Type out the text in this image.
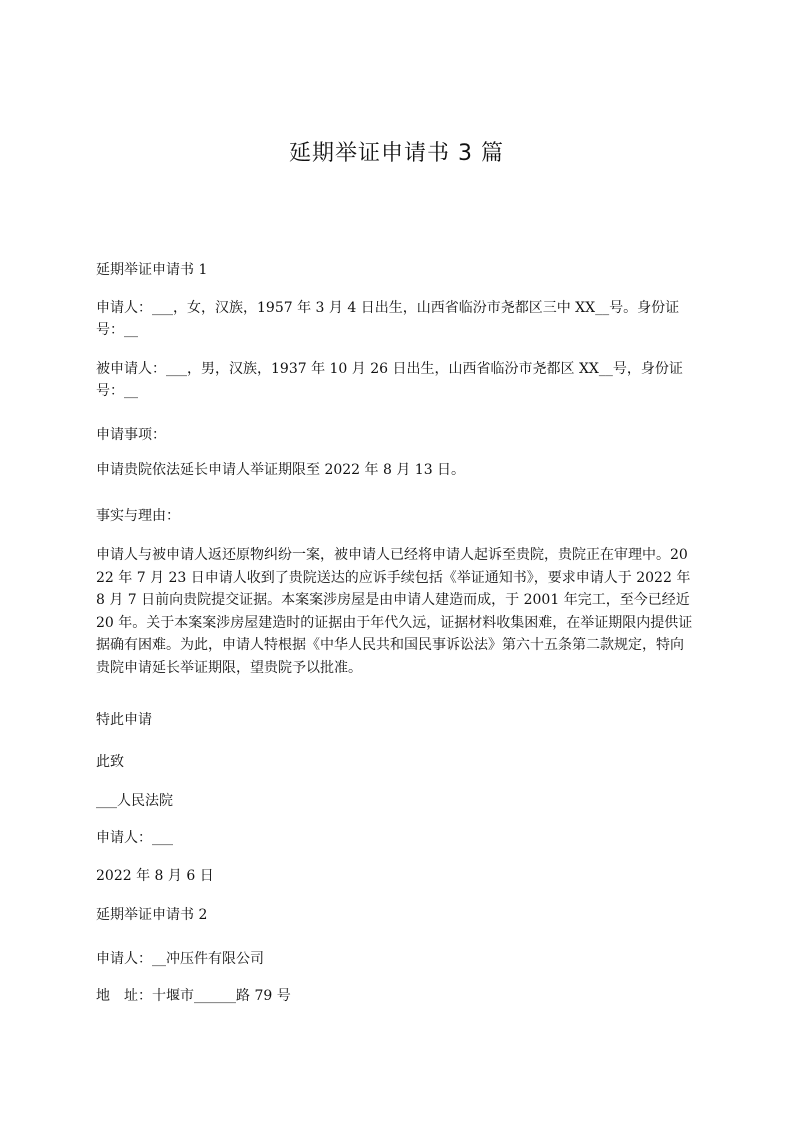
延期举证申请书 3 篇

延期举证申请书 1

申请人：___，女，汉族，1957 年 3 月 4 日出生，山西省临汾市尧都区三中 XX__号。身份证号：__

被申请人：___，男，汉族，1937 年 10 月 26 日出生，山西省临汾市尧都区 XX__号，身份证号：__

申请事项：

申请贵院依法延长申请人举证期限至 2022 年 8 月 13 日。

事实与理由：

申请人与被申请人返还原物纠纷一案，被申请人已经将申请人起诉至贵院，贵院正在审理中。2022 年 7 月 23 日申请人收到了贵院送达的应诉手续包括《举证通知书》，要求申请人于 2022 年 8 月 7 日前向贵院提交证据。本案案涉房屋是由申请人建造而成，于 2001 年完工，至今已经近　20 年。关于本案案涉房屋建造时的证据由于年代久远，证据材料收集困难，在举证期限内提供证据确有困难。为此，申请人特根据《中华人民共和国民事诉讼法》第六十五条第二款规定，特向贵院申请延长举证期限，望贵院予以批准。

特此申请

此致

___人民法院

申请人：___

2022 年 8 月 6 日

延期举证申请书 2

申请人：__冲压件有限公司

地　址：十堰市______路 79 号
